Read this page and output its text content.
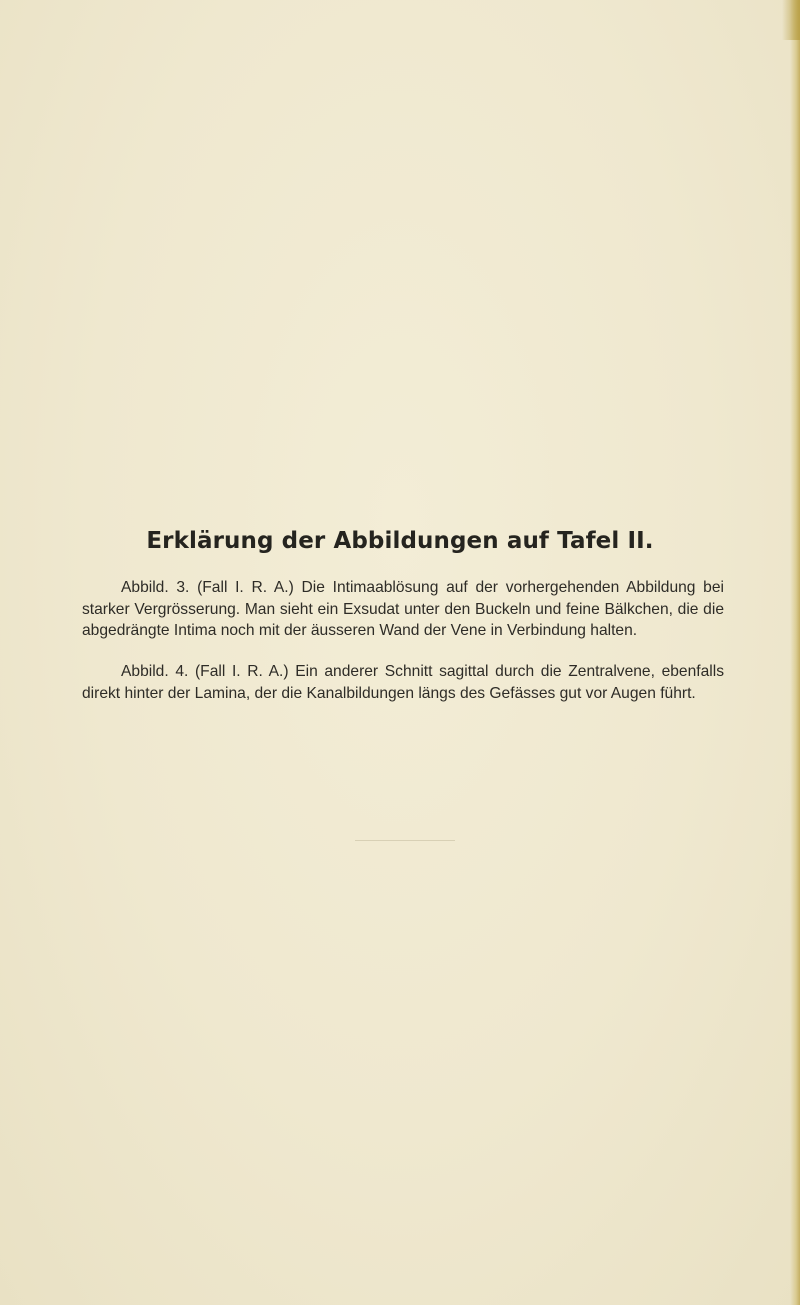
Erklärung der Abbildungen auf Tafel II.

Abbild. 3. (Fall I. R. A.) Die Intimaablösung auf der vorhergehenden Abbildung bei starker Vergrösserung. Man sieht ein Exsudat unter den Buckeln und feine Bälkchen, die die abgedrängte Intima noch mit der äusseren Wand der Vene in Verbindung halten.

Abbild. 4. (Fall I. R. A.) Ein anderer Schnitt sagittal durch die Zentralvene, ebenfalls direkt hinter der Lamina, der die Kanalbildungen längs des Gefässes gut vor Augen führt.
